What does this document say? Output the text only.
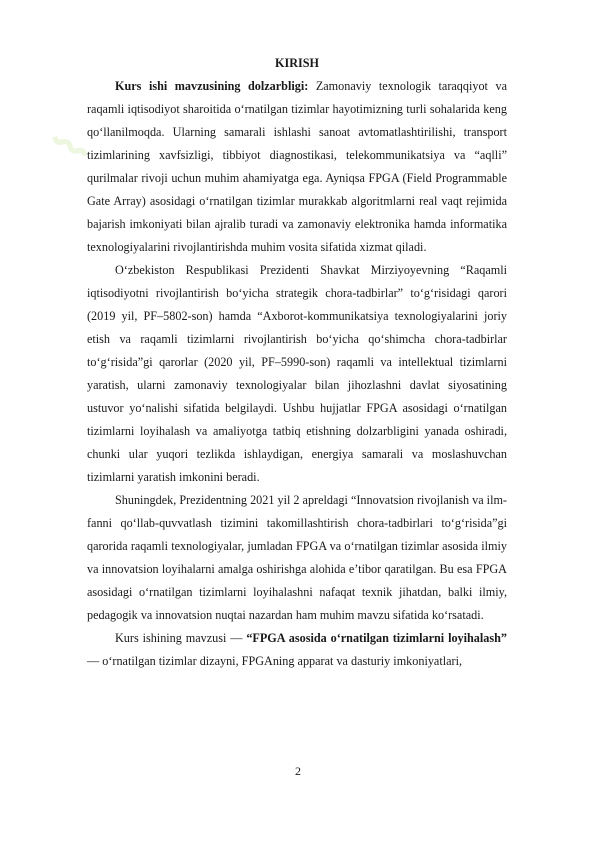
⌇
KIRISH

Kurs ishi mavzusining dolzarbligi: Zamonaviy texnologik taraqqiyot va raqamli iqtisodiyot sharoitida o‘rnatilgan tizimlar hayotimizning turli sohalarida keng qo‘llanilmoqda. Ularning samarali ishlashi sanoat avtomatlashtirilishi, transport tizimlarining xavfsizligi, tibbiyot diagnostikasi, telekommunikatsiya va “aqlli” qurilmalar rivoji uchun muhim ahamiyatga ega. Ayniqsa FPGA (Field Programmable Gate Array) asosidagi o‘rnatilgan tizimlar murakkab algoritmlarni real vaqt rejimida bajarish imkoniyati bilan ajralib turadi va zamonaviy elektronika hamda informatika texnologiyalarini rivojlantirishda muhim vosita sifatida xizmat qiladi.

O‘zbekiston Respublikasi Prezidenti Shavkat Mirziyoyevning “Raqamli iqtisodiyotni rivojlantirish bo‘yicha strategik chora-tadbirlar” to‘g‘risidagi qarori (2019 yil, PF–5802-son) hamda “Axborot-kommunikatsiya texnologiyalarini joriy etish va raqamli tizimlarni rivojlantirish bo‘yicha qo‘shimcha chora-tadbirlar to‘g‘risida”gi qarorlar (2020 yil, PF–5990-son) raqamli va intellektual tizimlarni yaratish, ularni zamonaviy texnologiyalar bilan jihozlashni davlat siyosatining ustuvor yo‘nalishi sifatida belgilaydi. Ushbu hujjatlar FPGA asosidagi o‘rnatilgan tizimlarni loyihalash va amaliyotga tatbiq etishning dolzarbligini yanada oshiradi, chunki ular yuqori tezlikda ishlaydigan, energiya samarali va moslashuvchan tizimlarni yaratish imkonini beradi.

Shuningdek, Prezidentning 2021 yil 2 apreldagi “Innovatsion rivojlanish va ilm-fanni qo‘llab-quvvatlash tizimini takomillashtirish chora-tadbirlari to‘g‘risida”gi qarorida raqamli texnologiyalar, jumladan FPGA va o‘rnatilgan tizimlar asosida ilmiy va innovatsion loyihalarni amalga oshirishga alohida e’tibor qaratilgan. Bu esa FPGA asosidagi o‘rnatilgan tizimlarni loyihalashni nafaqat texnik jihatdan, balki ilmiy, pedagogik va innovatsion nuqtai nazardan ham muhim mavzu sifatida ko‘rsatadi.

Kurs ishining mavzusi — “FPGA asosida o‘rnatilgan tizimlarni loyihalash” — o‘rnatilgan tizimlar dizayni, FPGAning apparat va dasturiy imkoniyatlari,

2
